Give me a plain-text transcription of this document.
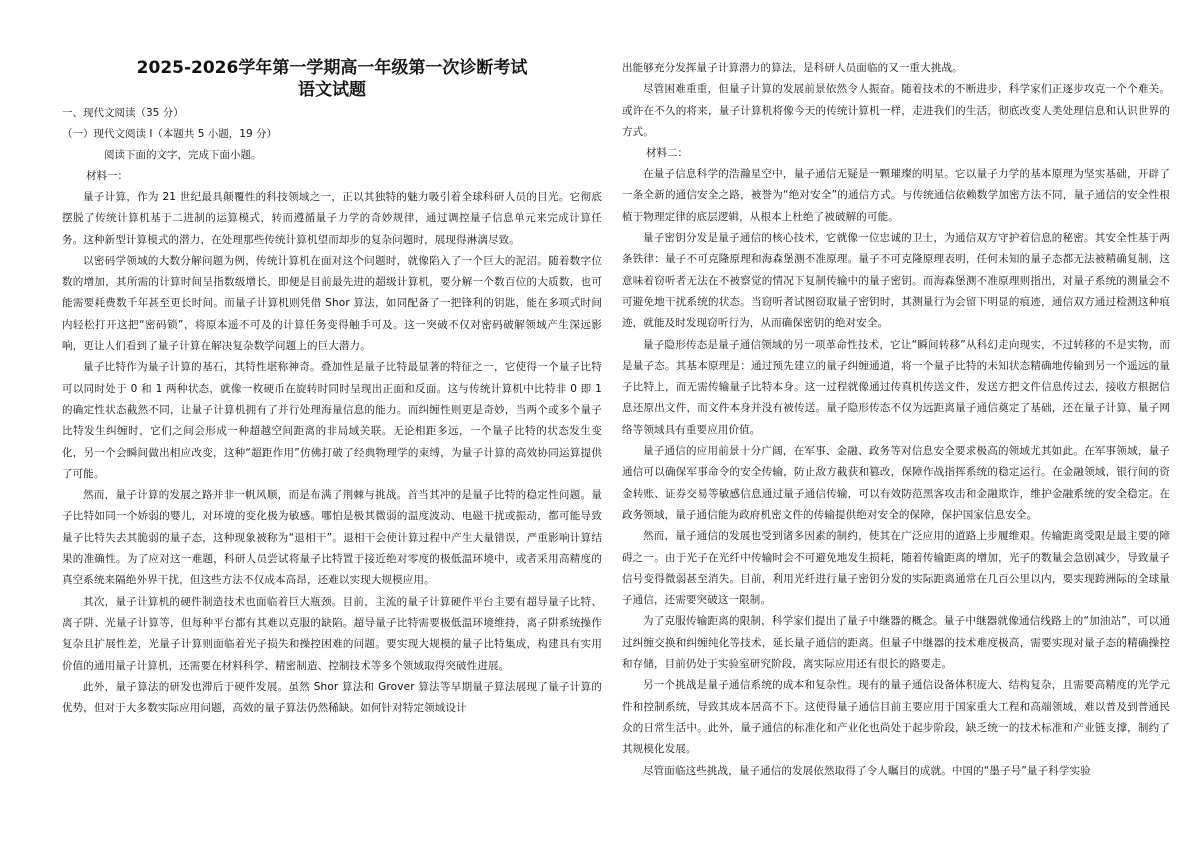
2025-2026学年第一学期高一年级第一次诊断考试
语文试题

一、现代文阅读（35 分）

（一）现代文阅读 I（本题共 5 小题，19 分）

阅读下面的文字，完成下面小题。

材料一：

量子计算，作为 21 世纪最具颠覆性的科技领域之一，正以其独特的魅力吸引着全球科研人员的目光。它彻底摆脱了传统计算机基于二进制的运算模式，转而遵循量子力学的奇妙规律，通过调控量子信息单元来完成计算任务。这种新型计算模式的潜力，在处理那些传统计算机望而却步的复杂问题时，展现得淋漓尽致。

以密码学领域的大数分解问题为例，传统计算机在面对这个问题时，就像陷入了一个巨大的泥沼。随着数字位数的增加，其所需的计算时间呈指数级增长，即便是目前最先进的超级计算机，要分解一个数百位的大质数，也可能需要耗费数千年甚至更长时间。而量子计算机则凭借 Shor 算法，如同配备了一把锋利的钥匙，能在多项式时间内轻松打开这把“密码锁”，将原本遥不可及的计算任务变得触手可及。这一突破不仅对密码破解领域产生深远影响，更让人们看到了量子计算在解决复杂数学问题上的巨大潜力。

量子比特作为量子计算的基石，其特性堪称神奇。叠加性是量子比特最显著的特征之一，它使得一个量子比特可以同时处于 0 和 1 两种状态，就像一枚硬币在旋转时同时呈现出正面和反面。这与传统计算机中比特非 0 即 1 的确定性状态截然不同，让量子计算机拥有了并行处理海量信息的能力。而纠缠性则更是奇妙，当两个或多个量子比特发生纠缠时，它们之间会形成一种超越空间距离的非局域关联。无论相距多远，一个量子比特的状态发生变化，另一个会瞬间做出相应改变，这种“超距作用”仿佛打破了经典物理学的束缚，为量子计算的高效协同运算提供了可能。

然而，量子计算的发展之路并非一帆风顺，而是布满了荆棘与挑战。首当其冲的是量子比特的稳定性问题。量子比特如同一个娇弱的婴儿，对环境的变化极为敏感。哪怕是极其微弱的温度波动、电磁干扰或振动，都可能导致量子比特失去其脆弱的量子态，这种现象被称为“退相干”。退相干会使计算过程中产生大量错误，严重影响计算结果的准确性。为了应对这一难题，科研人员尝试将量子比特置于接近绝对零度的极低温环境中，或者采用高精度的真空系统来隔绝外界干扰，但这些方法不仅成本高昂，还难以实现大规模应用。

其次，量子计算机的硬件制造技术也面临着巨大瓶颈。目前，主流的量子计算硬件平台主要有超导量子比特、离子阱、光量子计算等，但每种平台都有其难以克服的缺陷。超导量子比特需要极低温环境维持，离子阱系统操作复杂且扩展性差，光量子计算则面临着光子损失和操控困难的问题。要实现大规模的量子比特集成，构建具有实用价值的通用量子计算机，还需要在材料科学、精密制造、控制技术等多个领域取得突破性进展。

此外，量子算法的研发也滞后于硬件发展。虽然 Shor 算法和 Grover 算法等早期量子算法展现了量子计算的优势，但对于大多数实际应用问题，高效的量子算法仍然稀缺。如何针对特定领域设计

出能够充分发挥量子计算潜力的算法，是科研人员面临的又一重大挑战。

尽管困难重重，但量子计算的发展前景依然令人振奋。随着技术的不断进步，科学家们正逐步攻克一个个难关。或许在不久的将来，量子计算机将像今天的传统计算机一样，走进我们的生活，彻底改变人类处理信息和认识世界的方式。

材料二：

在量子信息科学的浩瀚星空中，量子通信无疑是一颗璀璨的明星。它以量子力学的基本原理为坚实基础，开辟了一条全新的通信安全之路，被誉为“绝对安全”的通信方式。与传统通信依赖数学加密方法不同，量子通信的安全性根植于物理定律的底层逻辑，从根本上杜绝了被破解的可能。

量子密钥分发是量子通信的核心技术，它就像一位忠诚的卫士，为通信双方守护着信息的秘密。其安全性基于两条铁律：量子不可克隆原理和海森堡测不准原理。量子不可克隆原理表明，任何未知的量子态都无法被精确复制，这意味着窃听者无法在不被察觉的情况下复制传输中的量子密钥。而海森堡测不准原理则指出，对量子系统的测量会不可避免地干扰系统的状态。当窃听者试图窃取量子密钥时，其测量行为会留下明显的痕迹，通信双方通过检测这种痕迹，就能及时发现窃听行为，从而确保密钥的绝对安全。

量子隐形传态是量子通信领域的另一项革命性技术，它让“瞬间转移”从科幻走向现实，不过转移的不是实物，而是量子态。其基本原理是：通过预先建立的量子纠缠通道，将一个量子比特的未知状态精确地传输到另一个遥远的量子比特上，而无需传输量子比特本身。这一过程就像通过传真机传送文件，发送方把文件信息传过去，接收方根据信息还原出文件，而文件本身并没有被传送。量子隐形传态不仅为远距离量子通信奠定了基础，还在量子计算、量子网络等领域具有重要应用价值。

量子通信的应用前景十分广阔，在军事、金融、政务等对信息安全要求极高的领域尤其如此。在军事领域，量子通信可以确保军事命令的安全传输，防止敌方截获和篡改，保障作战指挥系统的稳定运行。在金融领域，银行间的资金转账、证券交易等敏感信息通过量子通信传输，可以有效防范黑客攻击和金融欺诈，维护金融系统的安全稳定。在政务领域，量子通信能为政府机密文件的传输提供绝对安全的保障，保护国家信息安全。

然而，量子通信的发展也受到诸多因素的制约，使其在广泛应用的道路上步履维艰。传输距离受限是最主要的障碍之一。由于光子在光纤中传输时会不可避免地发生损耗，随着传输距离的增加，光子的数量会急剧减少，导致量子信号变得微弱甚至消失。目前，利用光纤进行量子密钥分发的实际距离通常在几百公里以内，要实现跨洲际的全球量子通信，还需要突破这一限制。

为了克服传输距离的限制，科学家们提出了量子中继器的概念。量子中继器就像通信线路上的“加油站”，可以通过纠缠交换和纠缠纯化等技术，延长量子通信的距离。但量子中继器的技术难度极高，需要实现对量子态的精确操控和存储，目前仍处于实验室研究阶段，离实际应用还有很长的路要走。

另一个挑战是量子通信系统的成本和复杂性。现有的量子通信设备体积庞大、结构复杂，且需要高精度的光学元件和控制系统，导致其成本居高不下。这使得量子通信目前主要应用于国家重大工程和高端领域，难以普及到普通民众的日常生活中。此外，量子通信的标准化和产业化也尚处于起步阶段，缺乏统一的技术标准和产业链支撑，制约了其规模化发展。

尽管面临这些挑战，量子通信的发展依然取得了令人瞩目的成就。中国的“墨子号”量子科学实验
